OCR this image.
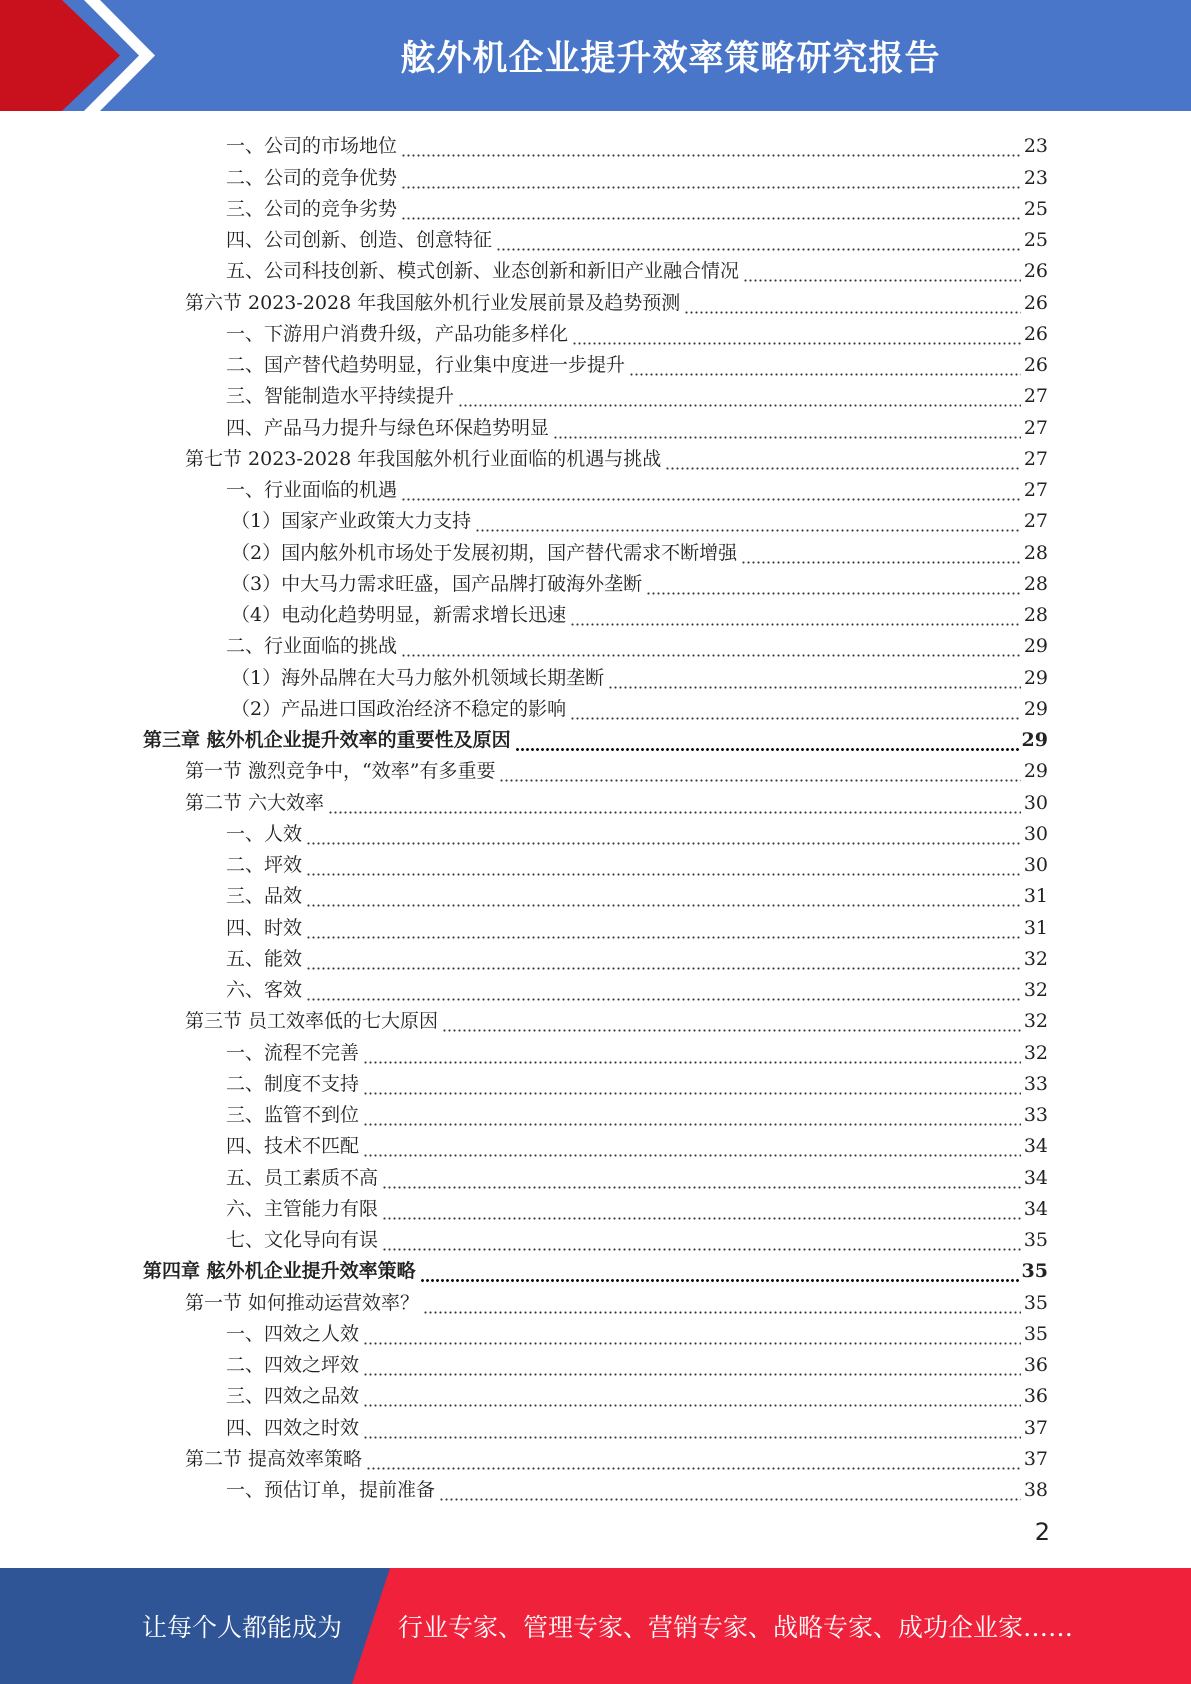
舷外机企业提升效率策略研究报告
一、公司的市场地位	23
二、公司的竞争优势	23
三、公司的竞争劣势	25
四、公司创新、创造、创意特征	25
五、公司科技创新、模式创新、业态创新和新旧产业融合情况	26
第六节 2023-2028 年我国舷外机行业发展前景及趋势预测	26
一、下游用户消费升级，产品功能多样化	26
二、国产替代趋势明显，行业集中度进一步提升	26
三、智能制造水平持续提升	27
四、产品马力提升与绿色环保趋势明显	27
第七节 2023-2028 年我国舷外机行业面临的机遇与挑战	27
一、行业面临的机遇	27
（1）国家产业政策大力支持	27
（2）国内舷外机市场处于发展初期，国产替代需求不断增强	28
（3）中大马力需求旺盛，国产品牌打破海外垄断	28
（4）电动化趋势明显，新需求增长迅速	28
二、行业面临的挑战	29
（1）海外品牌在大马力舷外机领域长期垄断	29
（2）产品进口国政治经济不稳定的影响	29
第三章 舷外机企业提升效率的重要性及原因	29
第一节 激烈竞争中，“效率”有多重要	29
第二节 六大效率	30
一、人效	30
二、坪效	30
三、品效	31
四、时效	31
五、能效	32
六、客效	32
第三节 员工效率低的七大原因	32
一、流程不完善	32
二、制度不支持	33
三、监管不到位	33
四、技术不匹配	34
五、员工素质不高	34
六、主管能力有限	34
七、文化导向有误	35
第四章 舷外机企业提升效率策略	35
第一节 如何推动运营效率？	35
一、四效之人效	35
二、四效之坪效	36
三、四效之品效	36
四、四效之时效	37
第二节 提高效率策略	37
一、预估订单，提前准备	38
2
让每个人都能成为 行业专家、管理专家、营销专家、战略专家、成功企业家……
